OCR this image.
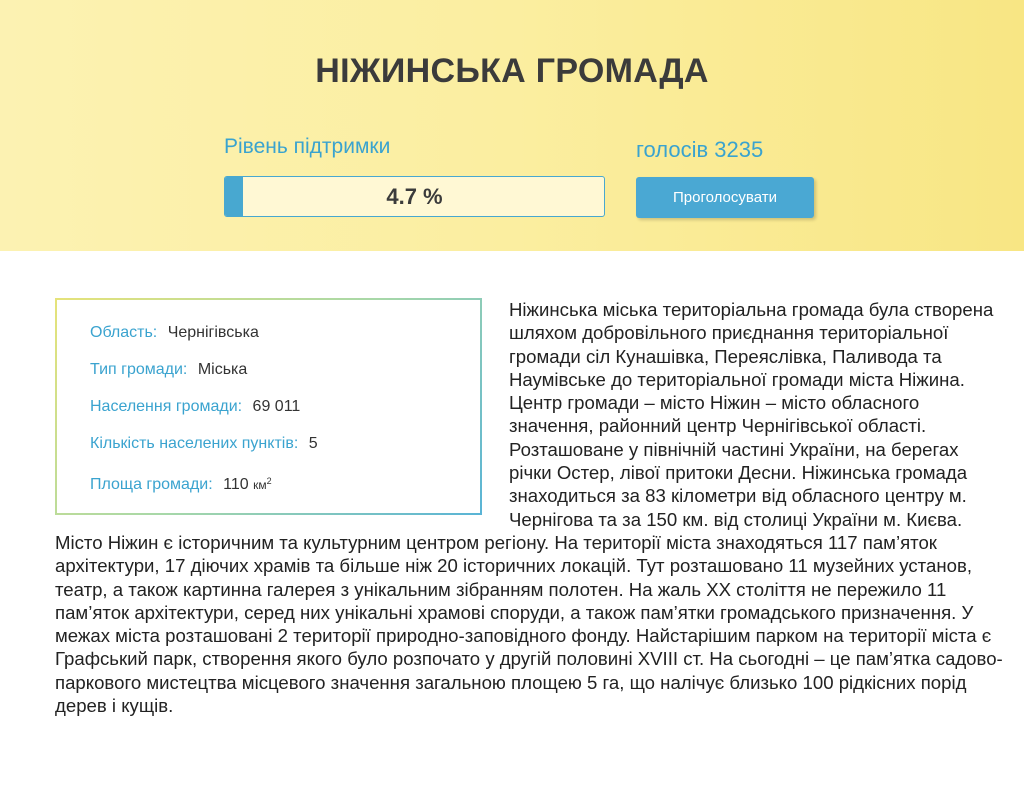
НІЖИНСЬКА ГРОМАДА
Рівень підтримки	голосів 3235
4.7 %	Проголосувати
Область: Чернігівська
Тип громади: Міська
Населення громади: 69 011
Кількість населених пунктів: 5
Площа громади: 110 $км^2$

Ніжинська міська територіальна громада була створена шляхом добровільного приєднання територіальної громади сіл Кунашівка, Переяслівка, Паливода та Наумівське до територіальної громади міста Ніжина. Центр громади – місто Ніжин – місто обласного значення, районний центр Чернігівської області. Розташоване у північній частині України, на берегах річки Остер, лівої притоки Десни. Ніжинська громада знаходиться за 83 кілометри від обласного центру м. Чернігова та за 150 км. від столиці України м. Києва. Місто Ніжин є історичним та культурним центром регіону. На території міста знаходяться 117 пам’яток архітектури, 17 діючих храмів та більше ніж 20 історичних локацій. Тут розташовано 11 музейних установ, театр, а також картинна галерея з унікальним зібранням полотен. На жаль ХХ століття не пережило 11 пам’яток архітектури, серед них унікальні храмові споруди, а також пам’ятки громадського призначення. У межах міста розташовані 2 території природно-заповідного фонду. Найстарішим парком на території міста є Графський парк, створення якого було розпочато у другій половині XVIII ст. На сьогодні – це пам’ятка садово-паркового мистецтва місцевого значення загальною площею 5 га, що налічує близько 100 рідкісних порід дерев і кущів.
